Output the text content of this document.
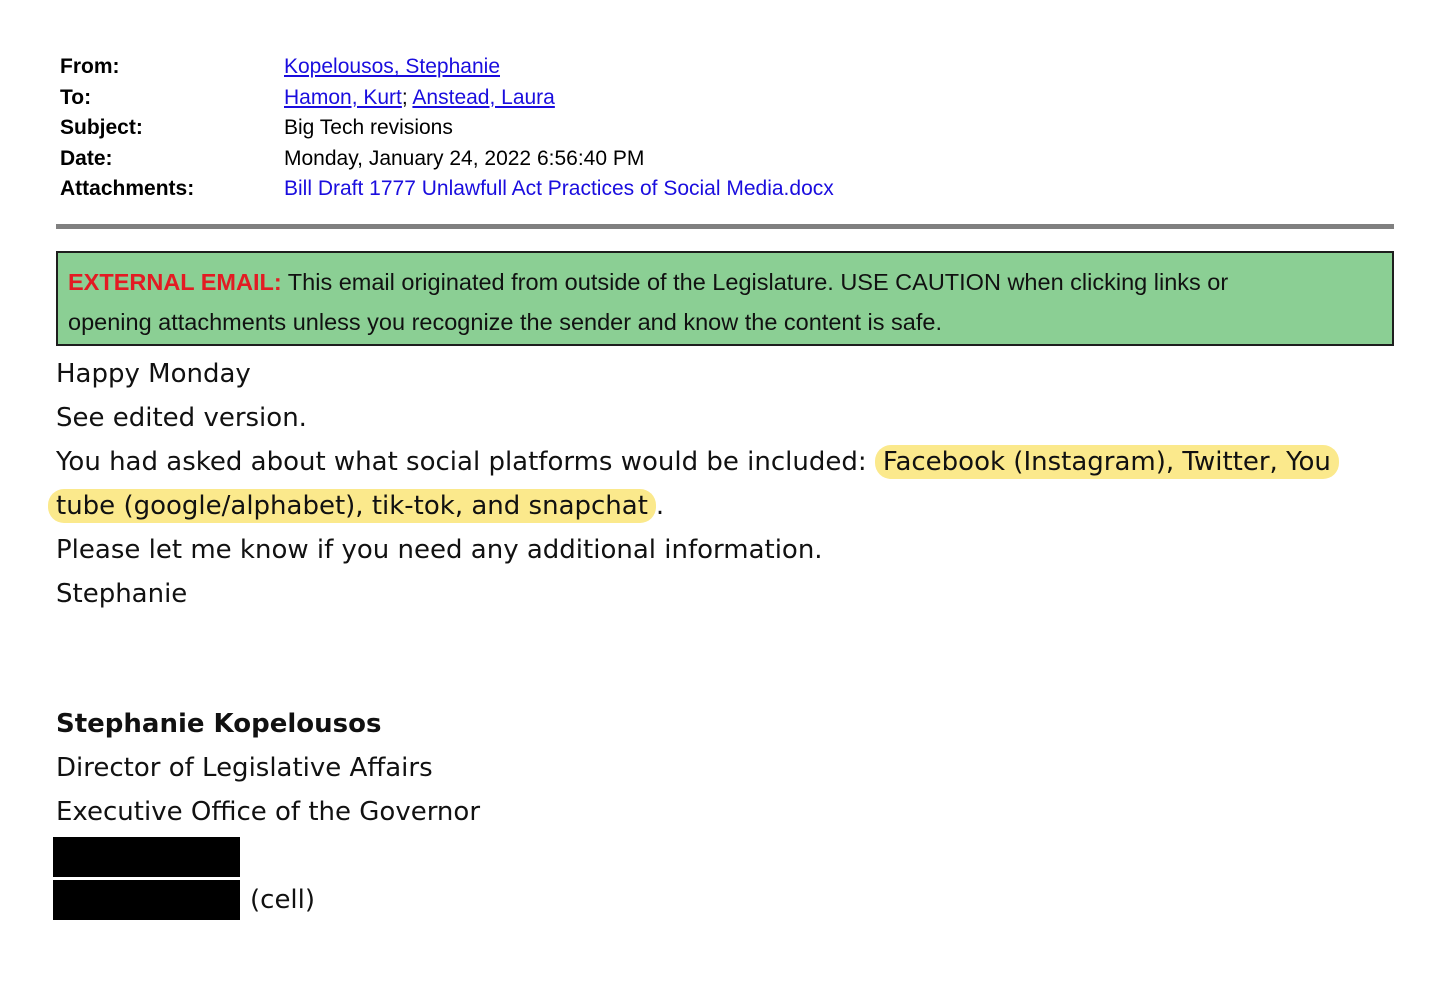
From:	Kopelousos, Stephanie
To:	Hamon, Kurt; Anstead, Laura
Subject:	Big Tech revisions
Date:	Monday, January 24, 2022 6:56:40 PM
Attachments:	Bill Draft 1777 Unlawfull Act Practices of Social Media.docx
EXTERNAL EMAIL: This email originated from outside of the Legislature. USE CAUTION when clicking links or
opening attachments unless you recognize the sender and know the content is safe.

Happy Monday

See edited version.

You had asked about what social platforms would be included: Facebook (Instagram), Twitter, You

tube (google/alphabet), tik-tok, and snapchat .

Please let me know if you need any additional information.

Stephanie

Stephanie Kopelousos

Director of Legislative Affairs

Executive Office of the Governor

(cell)
